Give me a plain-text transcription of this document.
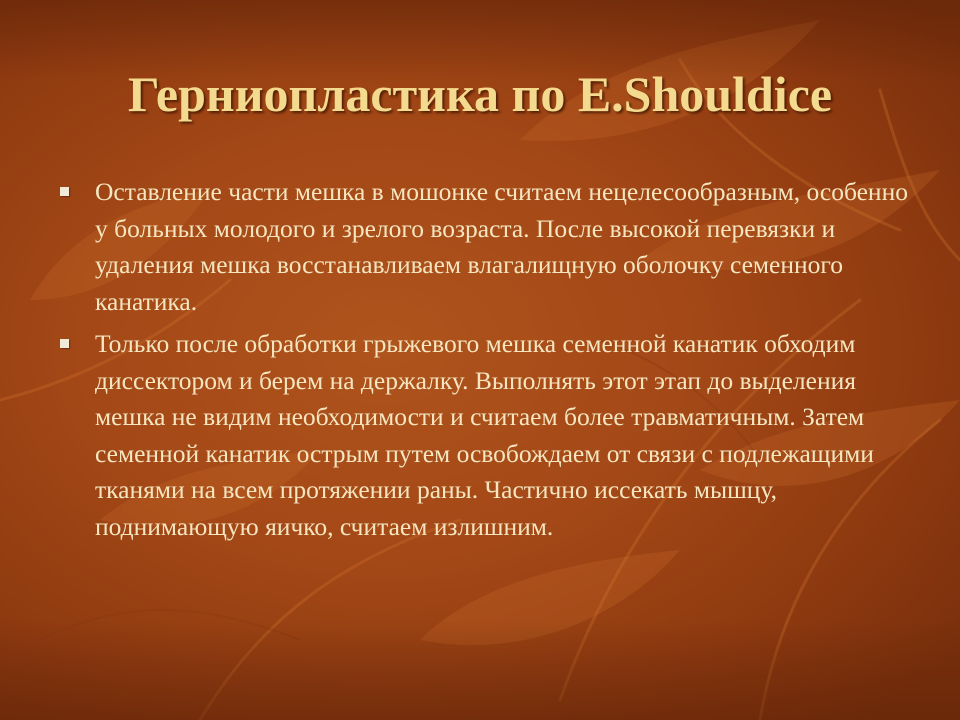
Герниопластика по E.Shouldice
Оставление части мешка в мошонке считаем нецелесообразным, особенно у больных молодого и зрелого возраста. После высокой перевязки и удаления мешка восстанавливаем влагалищную оболочку семенного канатика.
Только после обработки грыжевого мешка семенной канатик обходим диссектором и берем на держалку. Выполнять этот этап до выделения мешка не видим необходимости и считаем более травматичным. Затем семенной канатик острым путем освобождаем от связи с подлежащими тканями на всем протяжении раны. Частично иссекать мышцу, поднимающую яичко, считаем излишним.
